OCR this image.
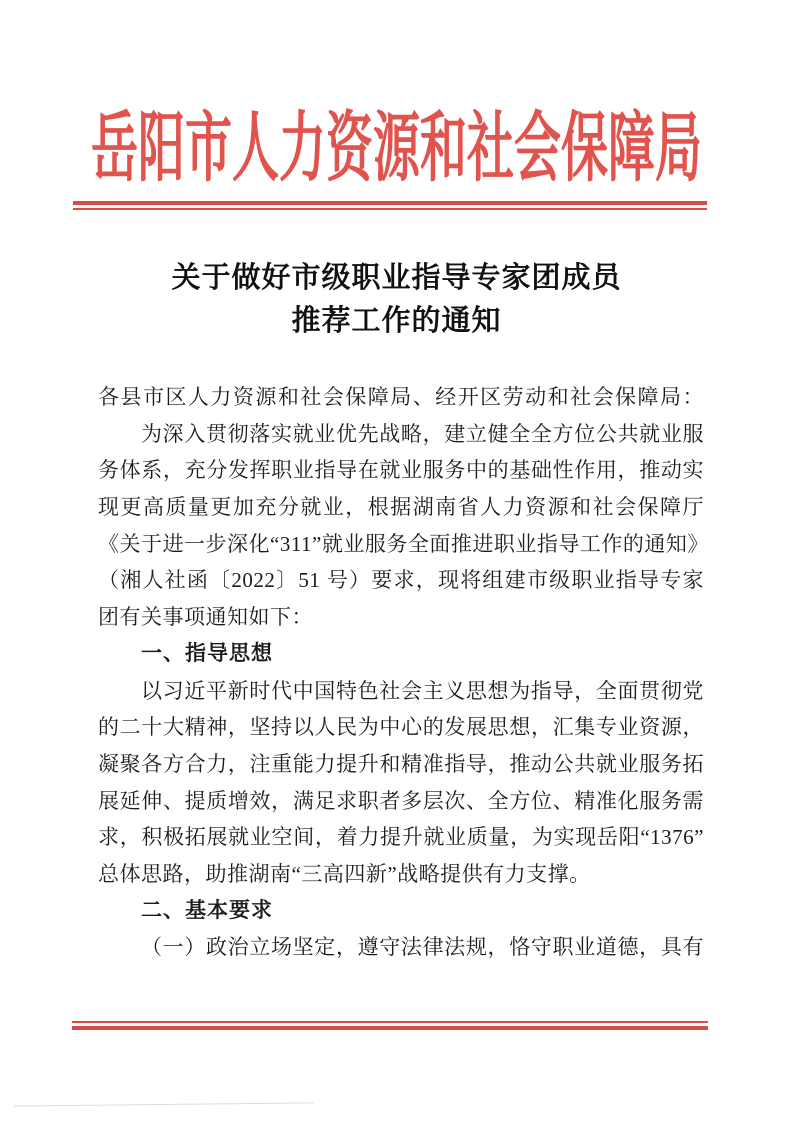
岳阳市人力资源和社会保障局
关于做好市级职业指导专家团成员
推荐工作的通知
各县市区人力资源和社会保障局、经开区劳动和社会保障局：
为深入贯彻落实就业优先战略，建立健全全方位公共就业服
务体系，充分发挥职业指导在就业服务中的基础性作用，推动实
现更高质量更加充分就业，根据湖南省人力资源和社会保障厅
《关于进一步深化“311”就业服务全面推进职业指导工作的通知》
（湘人社函〔2022〕51 号）要求，现将组建市级职业指导专家
团有关事项通知如下：
一、指导思想
以习近平新时代中国特色社会主义思想为指导，全面贯彻党
的二十大精神，坚持以人民为中心的发展思想，汇集专业资源，
凝聚各方合力，注重能力提升和精准指导，推动公共就业服务拓
展延伸、提质增效，满足求职者多层次、全方位、精准化服务需
求，积极拓展就业空间，着力提升就业质量，为实现岳阳“1376”
总体思路，助推湖南“三高四新”战略提供有力支撑。
二、基本要求
（一）政治立场坚定，遵守法律法规，恪守职业道德，具有
